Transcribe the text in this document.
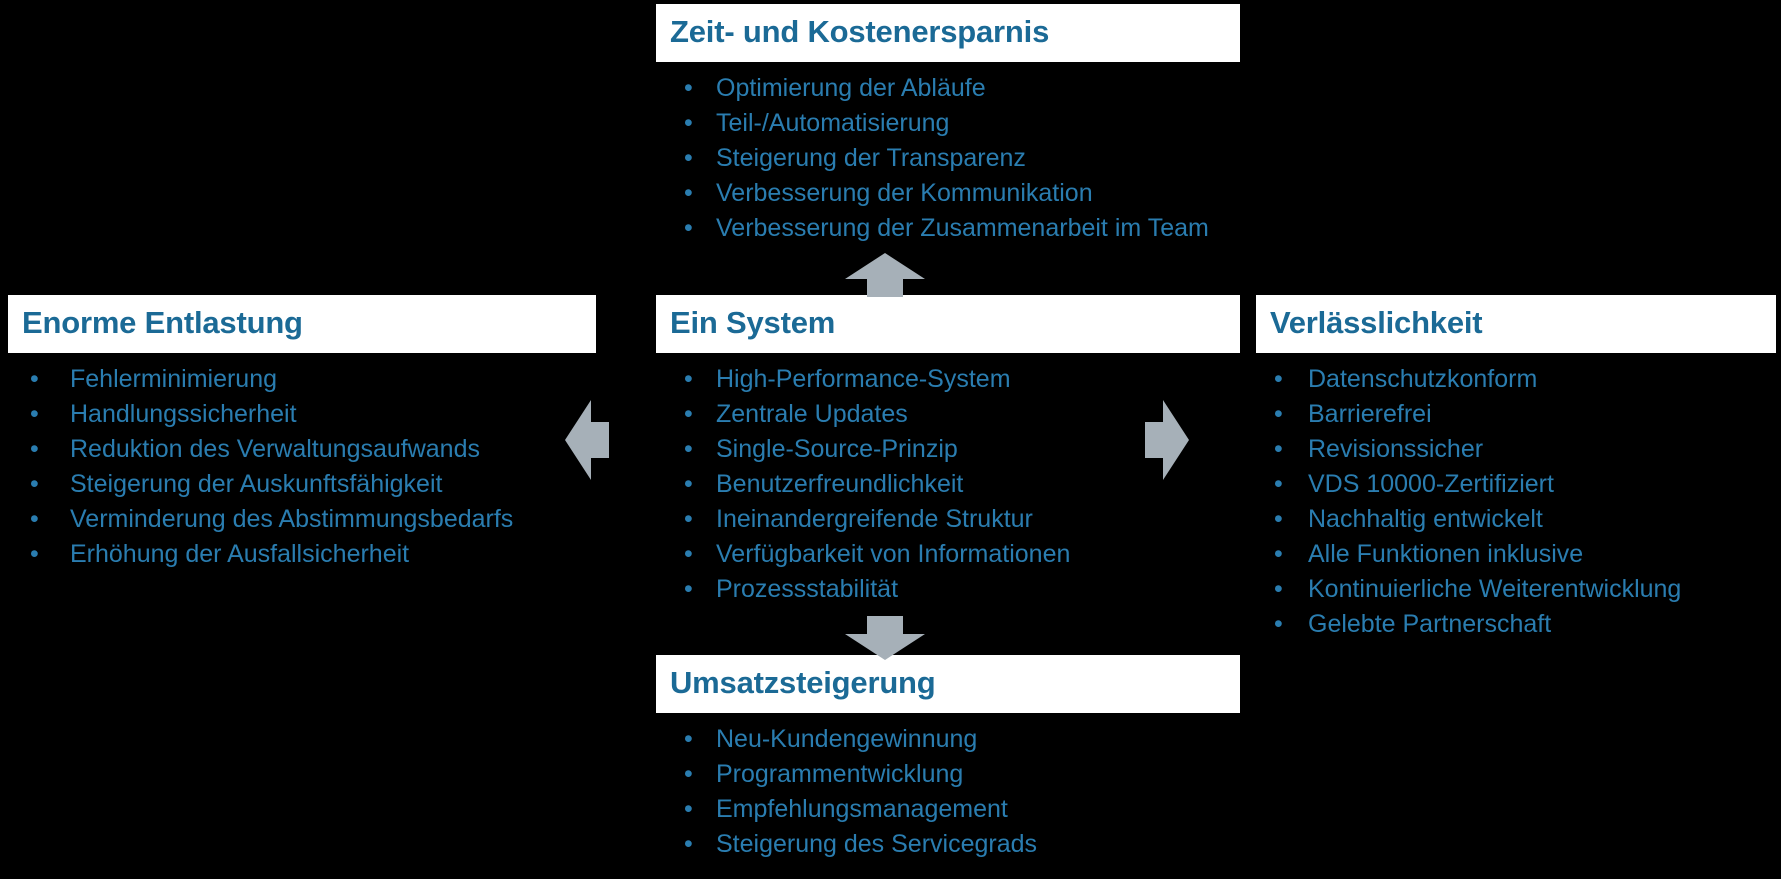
Zeit- und Kostenersparnis
• Optimierung der Abläufe
• Teil-/Automatisierung
• Steigerung der Transparenz
• Verbesserung der Kommunikation
• Verbesserung der Zusammenarbeit im Team
Enorme Entlastung
• Fehlerminimierung
• Handlungssicherheit
• Reduktion des Verwaltungsaufwands
• Steigerung der Auskunftsfähigkeit
• Verminderung des Abstimmungsbedarfs
• Erhöhung der Ausfallsicherheit
Ein System
• High-Performance-System
• Zentrale Updates
• Single-Source-Prinzip
• Benutzerfreundlichkeit
• Ineinandergreifende Struktur
• Verfügbarkeit von Informationen
• Prozessstabilität
Verlässlichkeit
• Datenschutzkonform
• Barrierefrei
• Revisionssicher
• VDS 10000-Zertifiziert
• Nachhaltig entwickelt
• Alle Funktionen inklusive
• Kontinuierliche Weiterentwicklung
• Gelebte Partnerschaft
Umsatzsteigerung
• Neu-Kundengewinnung
• Programmentwicklung
• Empfehlungsmanagement
• Steigerung des Servicegrads
